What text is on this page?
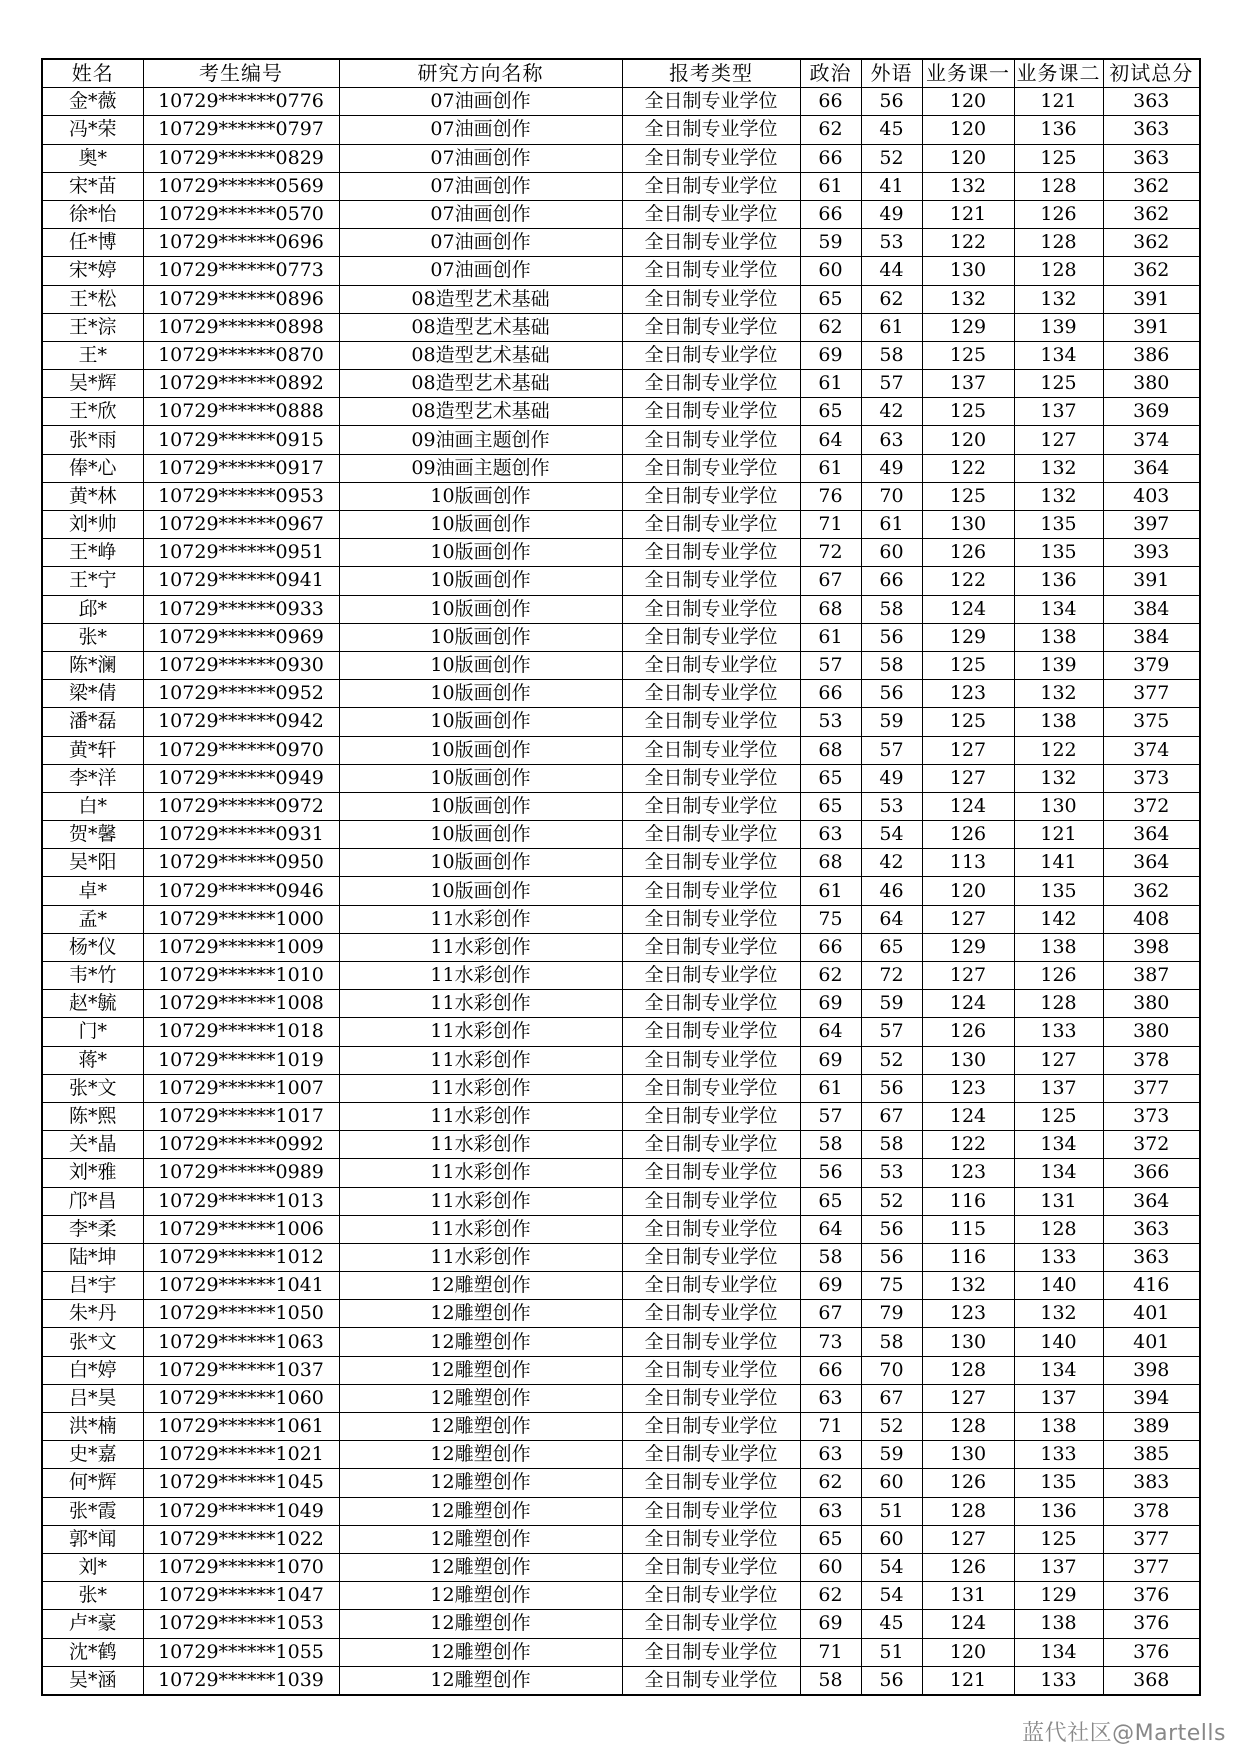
姓名	考生编号	研究方向名称	报考类型	政治	外语	业务课一	业务课二	初试总分
金*薇	10729******0776	07油画创作	全日制专业学位	66	56	120	121	363
冯*荣	10729******0797	07油画创作	全日制专业学位	62	45	120	136	363
奥*	10729******0829	07油画创作	全日制专业学位	66	52	120	125	363
宋*苗	10729******0569	07油画创作	全日制专业学位	61	41	132	128	362
徐*怡	10729******0570	07油画创作	全日制专业学位	66	49	121	126	362
任*博	10729******0696	07油画创作	全日制专业学位	59	53	122	128	362
宋*婷	10729******0773	07油画创作	全日制专业学位	60	44	130	128	362
王*松	10729******0896	08造型艺术基础	全日制专业学位	65	62	132	132	391
王*淙	10729******0898	08造型艺术基础	全日制专业学位	62	61	129	139	391
王*	10729******0870	08造型艺术基础	全日制专业学位	69	58	125	134	386
吴*辉	10729******0892	08造型艺术基础	全日制专业学位	61	57	137	125	380
王*欣	10729******0888	08造型艺术基础	全日制专业学位	65	42	125	137	369
张*雨	10729******0915	09油画主题创作	全日制专业学位	64	63	120	127	374
俸*心	10729******0917	09油画主题创作	全日制专业学位	61	49	122	132	364
黄*林	10729******0953	10版画创作	全日制专业学位	76	70	125	132	403
刘*帅	10729******0967	10版画创作	全日制专业学位	71	61	130	135	397
王*峥	10729******0951	10版画创作	全日制专业学位	72	60	126	135	393
王*宁	10729******0941	10版画创作	全日制专业学位	67	66	122	136	391
邱*	10729******0933	10版画创作	全日制专业学位	68	58	124	134	384
张*	10729******0969	10版画创作	全日制专业学位	61	56	129	138	384
陈*澜	10729******0930	10版画创作	全日制专业学位	57	58	125	139	379
梁*倩	10729******0952	10版画创作	全日制专业学位	66	56	123	132	377
潘*磊	10729******0942	10版画创作	全日制专业学位	53	59	125	138	375
黄*轩	10729******0970	10版画创作	全日制专业学位	68	57	127	122	374
李*洋	10729******0949	10版画创作	全日制专业学位	65	49	127	132	373
白*	10729******0972	10版画创作	全日制专业学位	65	53	124	130	372
贺*馨	10729******0931	10版画创作	全日制专业学位	63	54	126	121	364
吴*阳	10729******0950	10版画创作	全日制专业学位	68	42	113	141	364
卓*	10729******0946	10版画创作	全日制专业学位	61	46	120	135	362
孟*	10729******1000	11水彩创作	全日制专业学位	75	64	127	142	408
杨*仪	10729******1009	11水彩创作	全日制专业学位	66	65	129	138	398
韦*竹	10729******1010	11水彩创作	全日制专业学位	62	72	127	126	387
赵*毓	10729******1008	11水彩创作	全日制专业学位	69	59	124	128	380
门*	10729******1018	11水彩创作	全日制专业学位	64	57	126	133	380
蒋*	10729******1019	11水彩创作	全日制专业学位	69	52	130	127	378
张*文	10729******1007	11水彩创作	全日制专业学位	61	56	123	137	377
陈*熙	10729******1017	11水彩创作	全日制专业学位	57	67	124	125	373
关*晶	10729******0992	11水彩创作	全日制专业学位	58	58	122	134	372
刘*雅	10729******0989	11水彩创作	全日制专业学位	56	53	123	134	366
邝*昌	10729******1013	11水彩创作	全日制专业学位	65	52	116	131	364
李*柔	10729******1006	11水彩创作	全日制专业学位	64	56	115	128	363
陆*坤	10729******1012	11水彩创作	全日制专业学位	58	56	116	133	363
吕*宇	10729******1041	12雕塑创作	全日制专业学位	69	75	132	140	416
朱*丹	10729******1050	12雕塑创作	全日制专业学位	67	79	123	132	401
张*文	10729******1063	12雕塑创作	全日制专业学位	73	58	130	140	401
白*婷	10729******1037	12雕塑创作	全日制专业学位	66	70	128	134	398
吕*昊	10729******1060	12雕塑创作	全日制专业学位	63	67	127	137	394
洪*楠	10729******1061	12雕塑创作	全日制专业学位	71	52	128	138	389
史*嘉	10729******1021	12雕塑创作	全日制专业学位	63	59	130	133	385
何*辉	10729******1045	12雕塑创作	全日制专业学位	62	60	126	135	383
张*霞	10729******1049	12雕塑创作	全日制专业学位	63	51	128	136	378
郭*闻	10729******1022	12雕塑创作	全日制专业学位	65	60	127	125	377
刘*	10729******1070	12雕塑创作	全日制专业学位	60	54	126	137	377
张*	10729******1047	12雕塑创作	全日制专业学位	62	54	131	129	376
卢*豪	10729******1053	12雕塑创作	全日制专业学位	69	45	124	138	376
沈*鹤	10729******1055	12雕塑创作	全日制专业学位	71	51	120	134	376
吴*涵	10729******1039	12雕塑创作	全日制专业学位	58	56	121	133	368
蓝代社区@Martells
